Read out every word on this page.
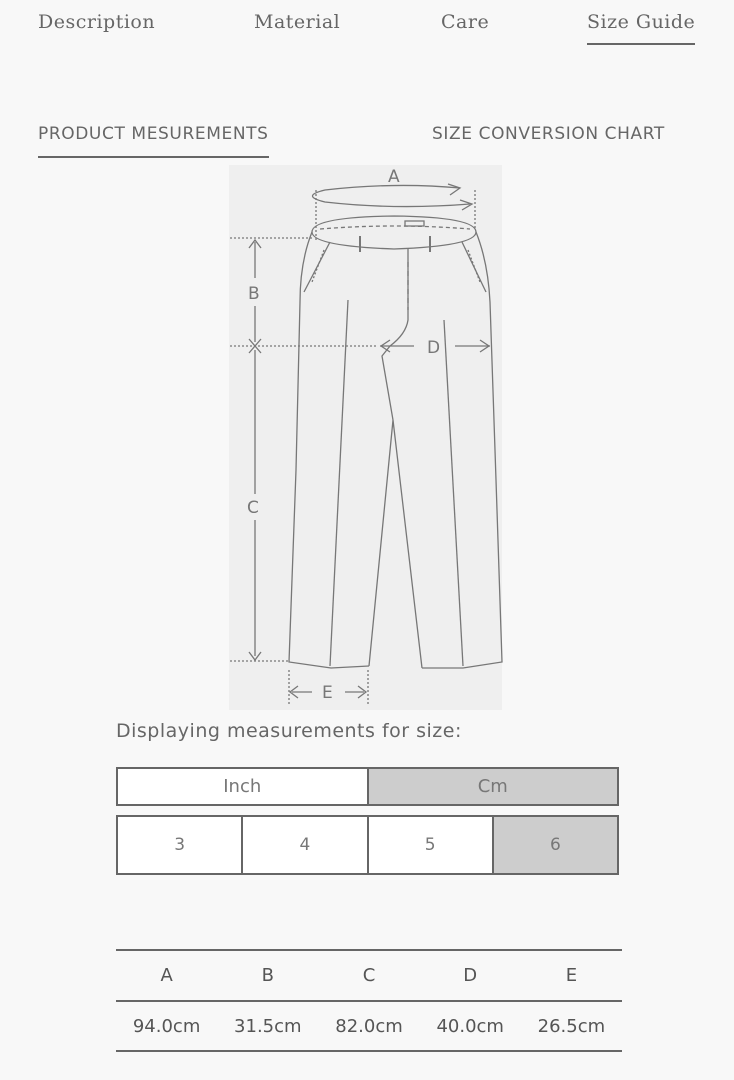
Description	Material	Care	Size Guide
PRODUCT MESUREMENTS	SIZE CONVERSION CHART
A
B
C
D
E
Displaying measurements for size:
Inch	Cm
3	4	5	6
A	B	C	D	E
94.0cm	31.5cm	82.0cm	40.0cm	26.5cm
